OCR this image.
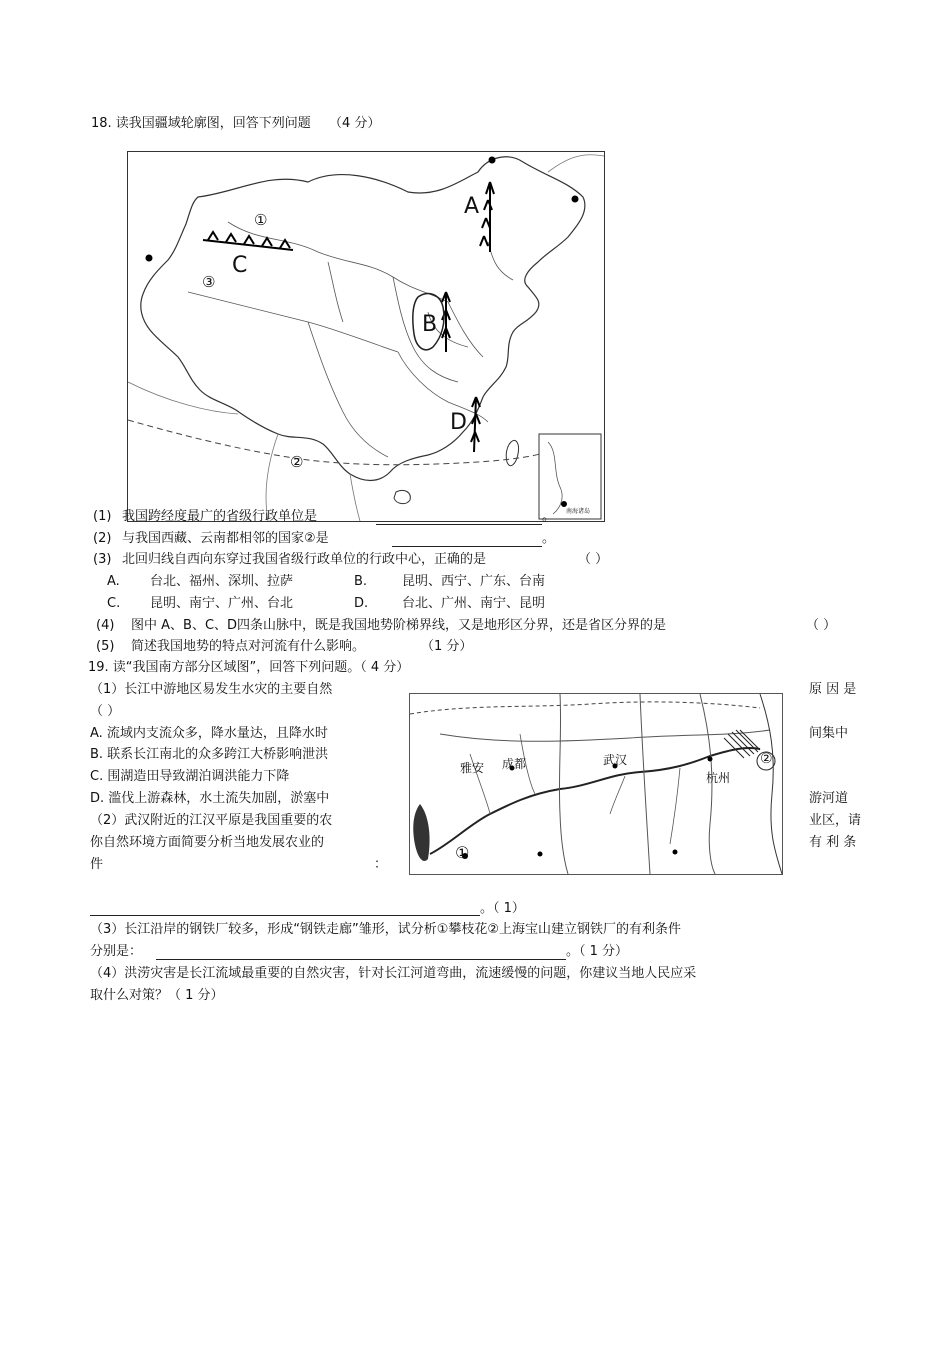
18. 读我国疆域轮廓图，回答下列问题 （4 分）
A
B
C
D
①
②
③
南海诸岛
(1) 我国跨经度最广的省级行政单位是	。
(2) 与我国西藏、云南都相邻的国家②是	。
(3) 北回归线自西向东穿过我国省级行政单位的行政中心，正确的是	（ ）
A. 台北、福州、深圳、拉萨	B.	昆明、西宁、广东、台南
C. 昆明、南宁、广州、台北	D.	台北、广州、南宁、昆明
(4) 图中 A、B、C、D四条山脉中，既是我国地势阶梯界线，又是地形区分界，还是省区分界的是	（ ）
(5) 简述我国地势的特点对河流有什么影响。	（1 分）
19. 读“我国南方部分区域图”，回答下列问题。（ 4 分）
（1）长江中游地区易发生水灾的主要自然	原 因 是
（ ）
A. 流域内支流众多，降水量达，且降水时	间集中
B. 联系长江南北的众多跨江大桥影响泄洪
C. 围湖造田导致湖泊调洪能力下降
D. 滥伐上游森林，水土流失加剧，淤塞中	游河道
（2）武汉附近的江汉平原是我国重要的农	业区，请
你自然环境方面简要分析当地发展农业的	有 利 条
件	：
雅安 成都	武汉
杭州
①
②
。（ 1）
（3）长江沿岸的钢铁厂较多，形成“钢铁走廊”雏形，试分析①攀枝花②上海宝山建立钢铁厂的有利条件
分别是：	。（ 1 分）
（4）洪涝灾害是长江流域最重要的自然灾害，针对长江河道弯曲，流速缓慢的问题，你建议当地人民应采
取什么对策？（ 1 分）
